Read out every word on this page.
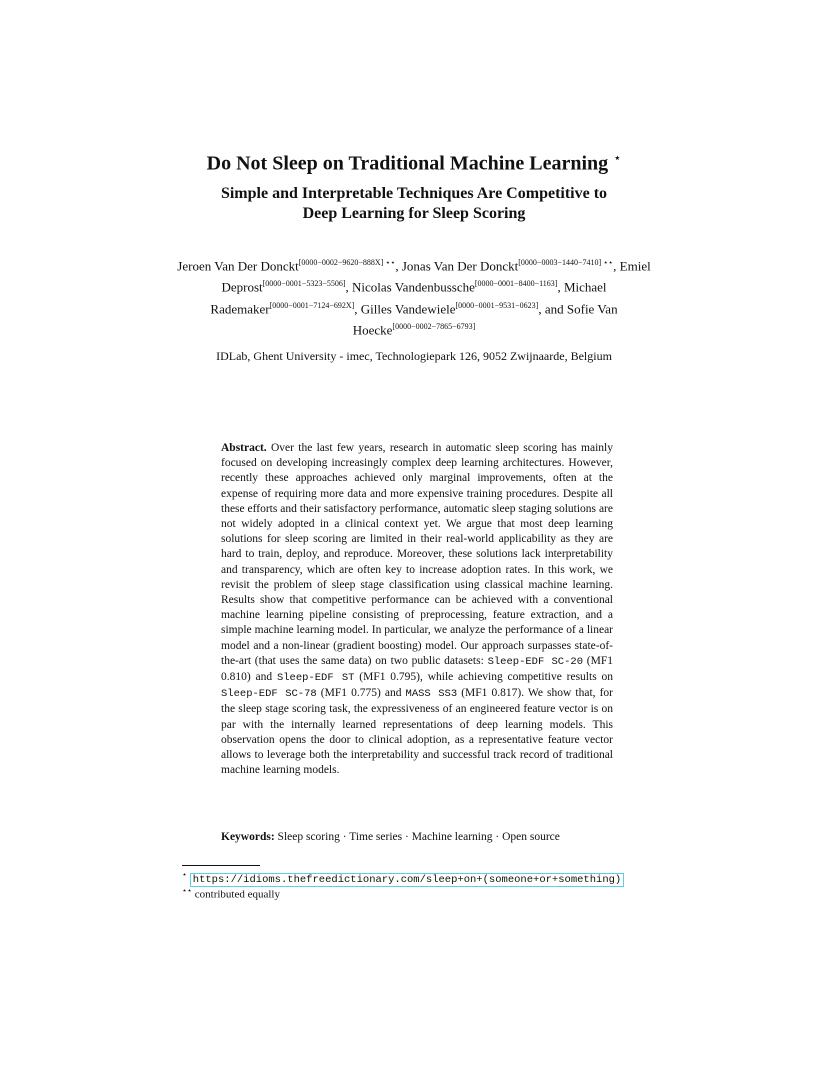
Do Not Sleep on Traditional Machine Learning ⋆
Simple and Interpretable Techniques Are Competitive to
Deep Learning for Sleep Scoring
Jeroen Van Der Donckt[0000−0002−9620−888X] ⋆⋆, Jonas Van Der Donckt[0000−0003−1440−7410] ⋆⋆, Emiel Deprost[0000−0001−5323−5506], Nicolas Vandenbussche[0000−0001−8400−1163], Michael Rademaker[0000−0001−7124−692X], Gilles Vandewiele[0000−0001−9531−0623], and Sofie Van Hoecke[0000−0002−7865−6793]
IDLab, Ghent University - imec, Technologiepark 126, 9052 Zwijnaarde, Belgium
Abstract. Over the last few years, research in automatic sleep scoring has mainly focused on developing increasingly complex deep learning architectures. However, recently these approaches achieved only marginal improvements, often at the expense of requiring more data and more expensive training procedures. Despite all these efforts and their satisfactory performance, automatic sleep staging solutions are not widely adopted in a clinical context yet. We argue that most deep learning solutions for sleep scoring are limited in their real-world applicability as they are hard to train, deploy, and reproduce. Moreover, these solutions lack interpretability and transparency, which are often key to increase adoption rates. In this work, we revisit the problem of sleep stage classification using classical machine learning. Results show that competitive performance can be achieved with a conventional machine learning pipeline consisting of preprocessing, feature extraction, and a simple machine learning model. In particular, we analyze the performance of a linear model and a non-linear (gradient boosting) model. Our approach surpasses state-of-the-art (that uses the same data) on two public datasets: Sleep-EDF SC-20 (MF1 0.810) and Sleep-EDF ST (MF1 0.795), while achieving competitive results on Sleep-EDF SC-78 (MF1 0.775) and MASS SS3 (MF1 0.817). We show that, for the sleep stage scoring task, the expressiveness of an engineered feature vector is on par with the internally learned representations of deep learning models. This observation opens the door to clinical adoption, as a representative feature vector allows to leverage both the interpretability and successful track record of traditional machine learning models.
Keywords: Sleep scoring · Time series · Machine learning · Open source
⋆ https://idioms.thefreedictionary.com/sleep+on+(someone+or+something)
⋆⋆ contributed equally
